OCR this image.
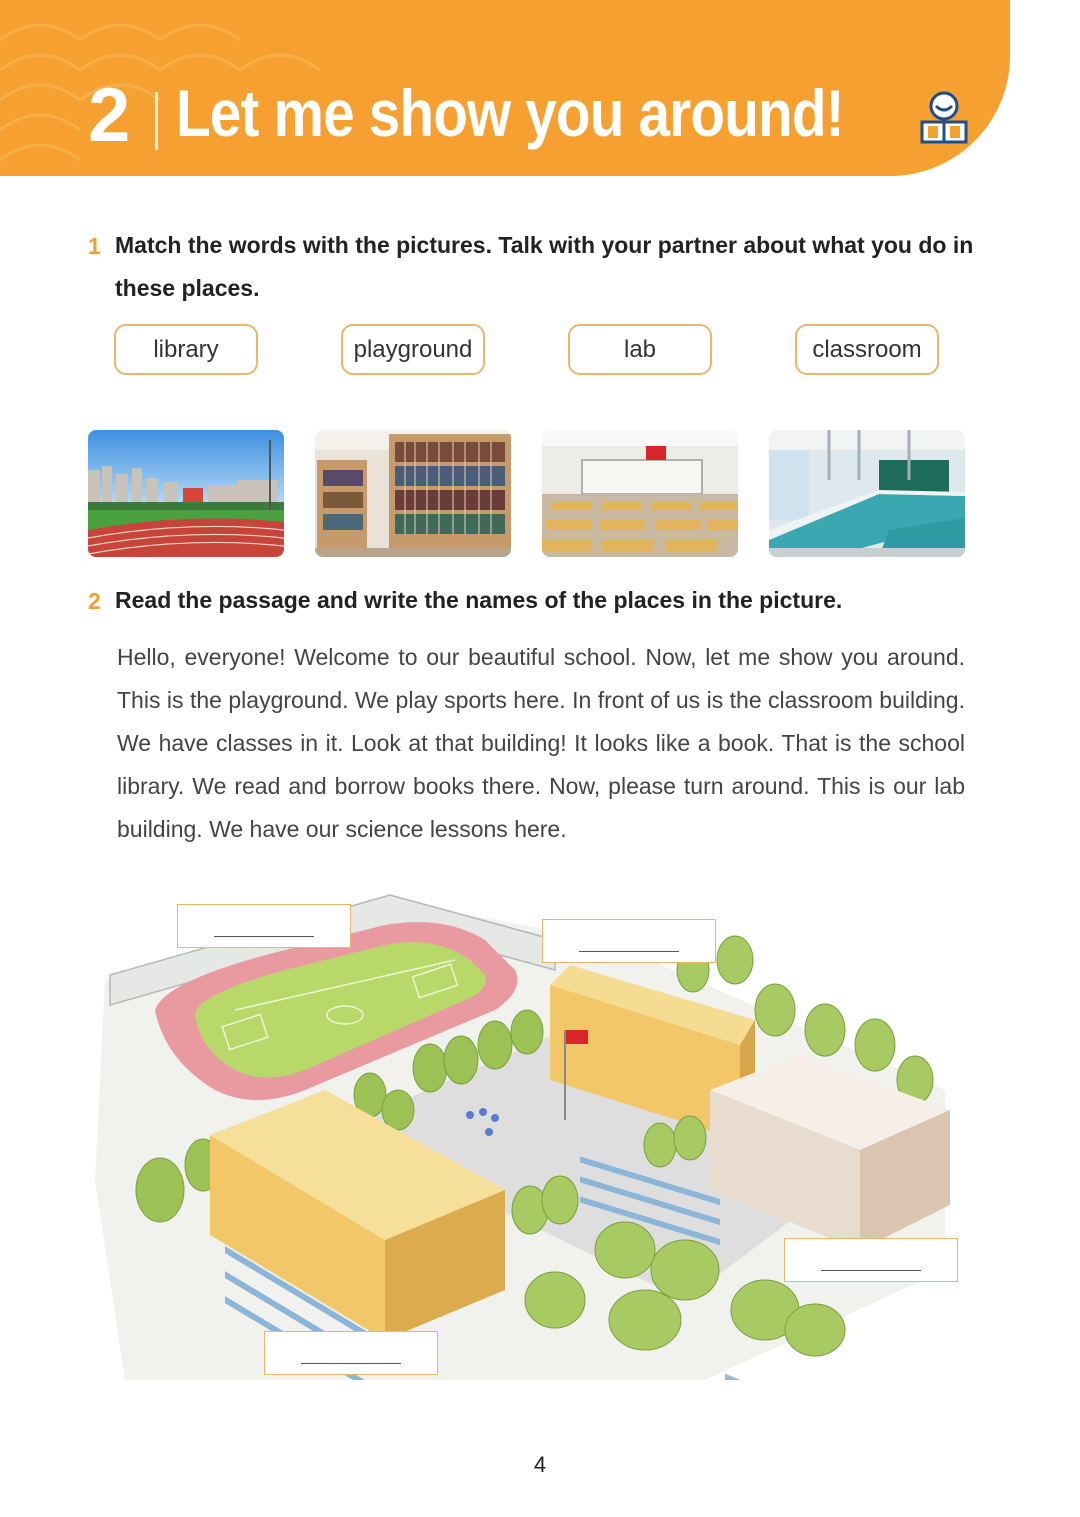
2 Let me show you around!
1 Match the words with the pictures. Talk with your partner about what you do in these places.
library	playground	lab	classroom
2 Read the passage and write the names of the places in the picture.
Hello, everyone! Welcome to our beautiful school. Now, let me show you around. This is the playground. We play sports here. In front of us is the classroom building. We have classes in it. Look at that building! It looks like a book. That is the school library. We read and borrow books there. Now, please turn around. This is our lab building. We have our science lessons here.
4
